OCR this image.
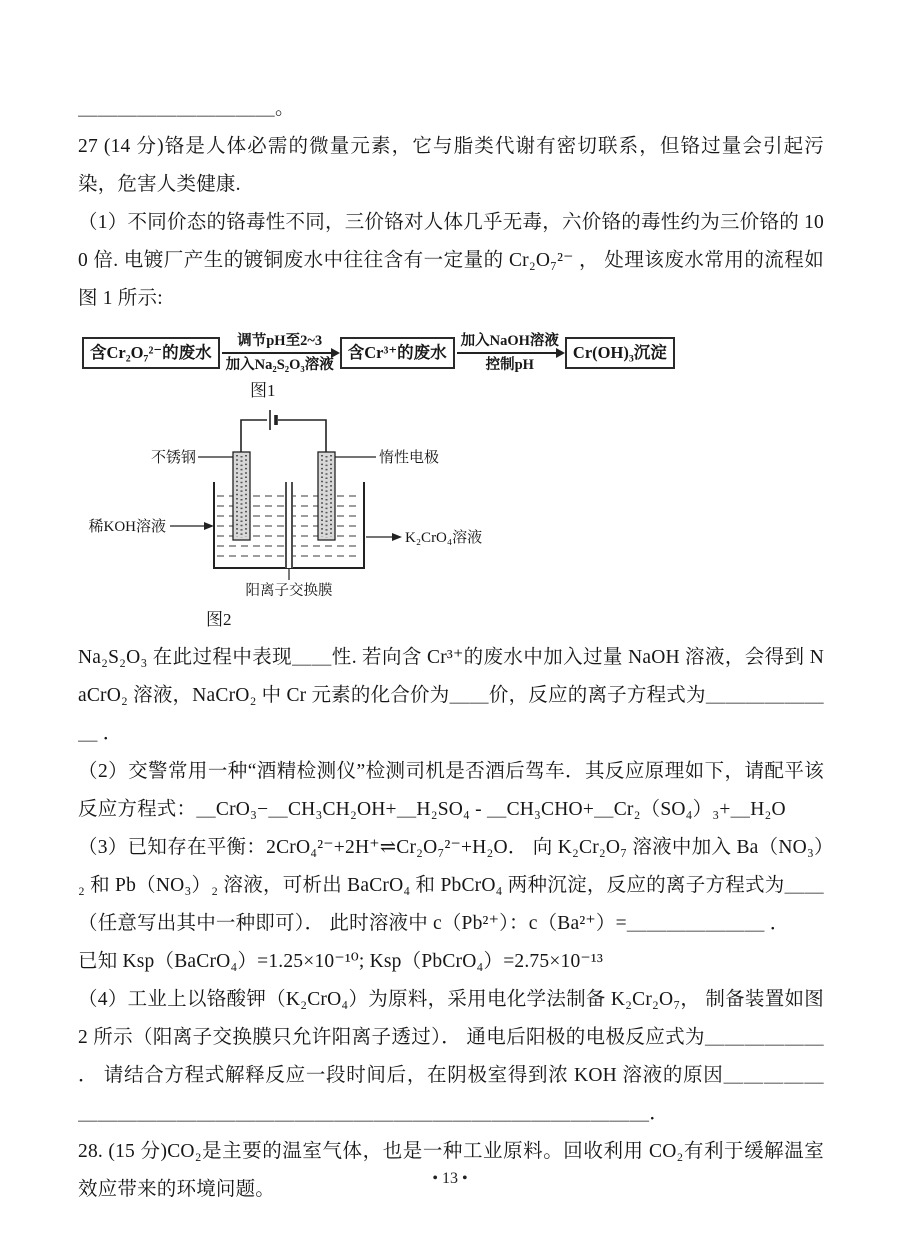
＿＿＿＿＿＿＿＿＿＿。

27 (14 分)铬是人体必需的微量元素，它与脂类代谢有密切联系，但铬过量会引起污染，危害人类健康.

（1）不同价态的铬毒性不同，三价铬对人体几乎无毒，六价铬的毒性约为三价铬的 100 倍. 电镀厂产生的镀铜废水中往往含有一定量的 Cr₂O₇²⁻ ， 处理该废水常用的流程如图 1 所示:

含Cr₂O₇²⁻的废水
调节pH至2~3
加入Na₂S₂O₃溶液
含Cr³⁺的废水
加入NaOH溶液
控制pH
Cr(OH)₃沉淀
图1
不锈钢	惰性电极
稀KOH溶液
K₂CrO₄溶液
阳离子交换膜
图2

Na₂S₂O₃ 在此过程中表现＿＿性. 若向含 Cr³⁺的废水中加入过量 NaOH 溶液，会得到 NaCrO₂ 溶液，NaCrO₂ 中 Cr 元素的化合价为＿＿价，反应的离子方程式为＿＿＿＿＿＿＿ ．

（2）交警常用一种“酒精检测仪”检测司机是否酒后驾车．其反应原理如下，请配平该反应方程式：＿CrO₃−＿CH₃CH₂OH+＿H₂SO₄ - ＿CH₃CHO+＿Cr₂（SO₄）₃+＿H₂O

（3）已知存在平衡：2CrO₄²⁻+2H⁺⇌Cr₂O₇²⁻+H₂O． 向 K₂Cr₂O₇ 溶液中加入 Ba（NO₃）₂ 和 Pb（NO₃）₂ 溶液，可析出 BaCrO₄ 和 PbCrO₄ 两种沉淀，反应的离子方程式为＿＿（任意写出其中一种即可）． 此时溶液中 c（Pb²⁺）：c（Ba²⁺）=＿＿＿＿＿＿＿ ．

已知 Ksp（BaCrO₄）=1.25×10⁻¹⁰; Ksp（PbCrO₄）=2.75×10⁻¹³

（4）工业上以铬酸钾（K₂CrO₄）为原料，采用电化学法制备 K₂Cr₂O₇， 制备装置如图 2 所示（阳离子交换膜只允许阳离子透过）． 通电后阳极的电极反应式为＿＿＿＿＿＿ ． 请结合方程式解释反应一段时间后，在阴极室得到浓 KOH 溶液的原因＿＿＿＿＿＿＿＿＿＿＿＿＿＿＿＿＿＿＿＿＿＿＿＿＿＿＿＿＿＿＿＿＿＿．

28. (15 分)CO₂是主要的温室气体，也是一种工业原料。回收利用 CO₂有利于缓解温室效应带来的环境问题。

• 13 •
